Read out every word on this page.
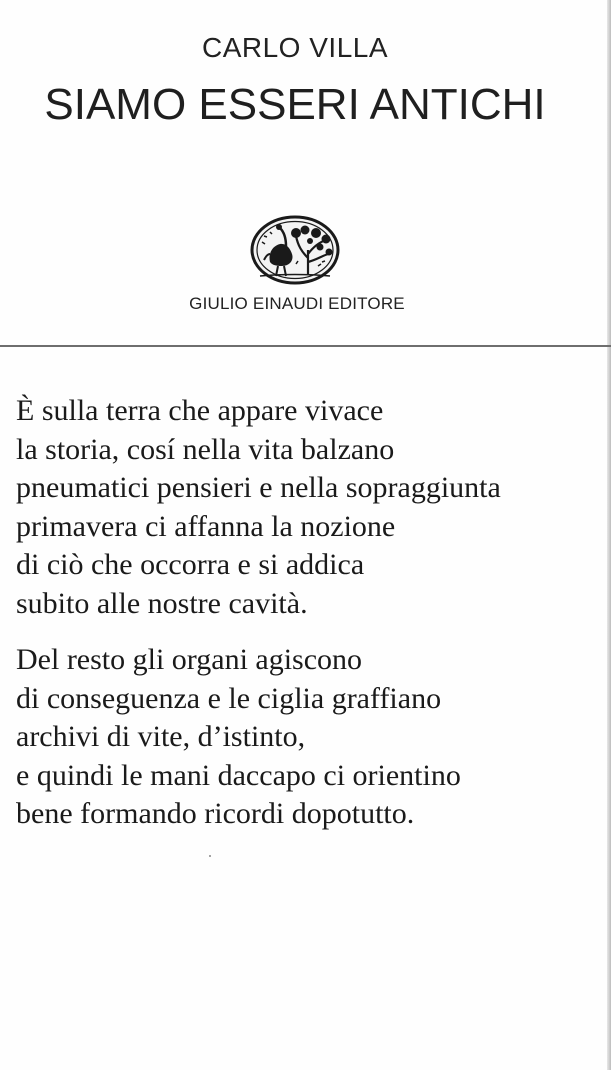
CARLO VILLA
SIAMO ESSERI ANTICHI
GIULIO EINAUDI EDITORE
È sulla terra che appare vivace
la storia, cosí nella vita balzano
pneumatici pensieri e nella sopraggiunta
primavera ci affanna la nozione
di ciò che occorra e si addica
subito alle nostre cavità.
Del resto gli organi agiscono
di conseguenza e le ciglia graffiano
archivi di vite, d’istinto,
e quindi le mani daccapo ci orientino
bene formando ricordi dopotutto.
